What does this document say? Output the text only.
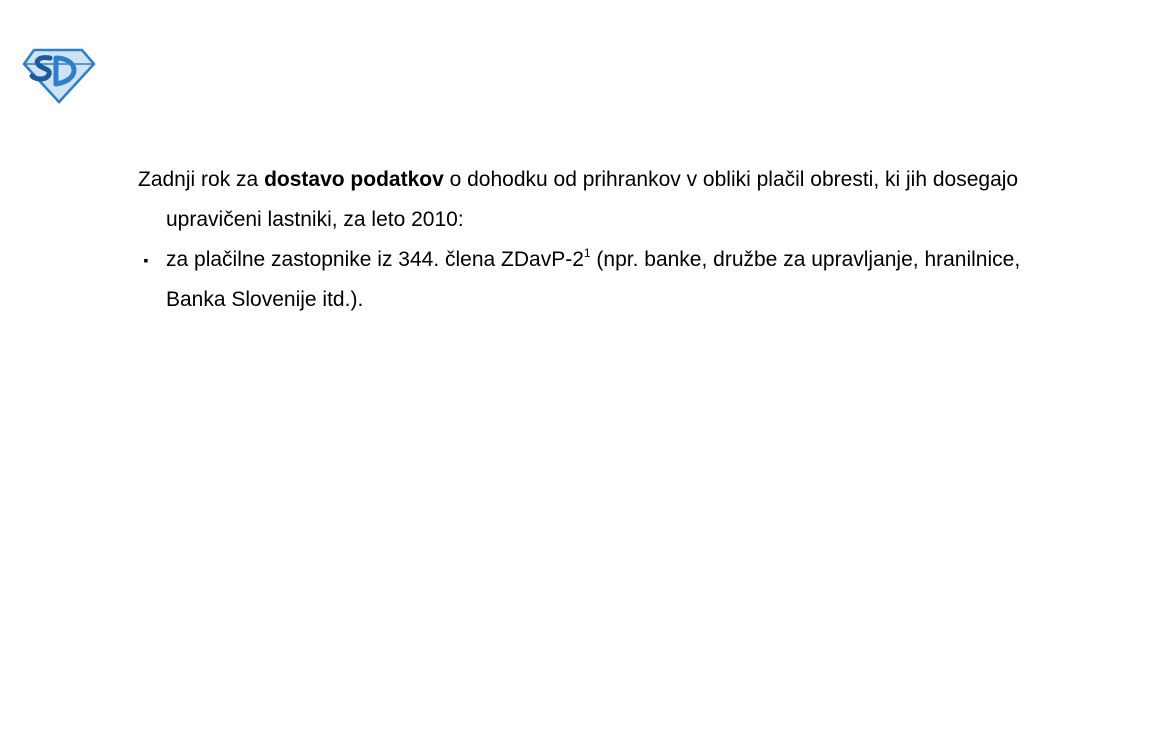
Zadnji rok za dostavo podatkov o dohodku od prihrankov v obliki plačil obresti, ki jih dosegajo upravičeni lastniki, za leto 2010:

▪ za plačilne zastopnike iz 344. člena ZDavP-$2^1$ (npr. banke, družbe za upravljanje, hranilnice, Banka Slovenije itd.).
